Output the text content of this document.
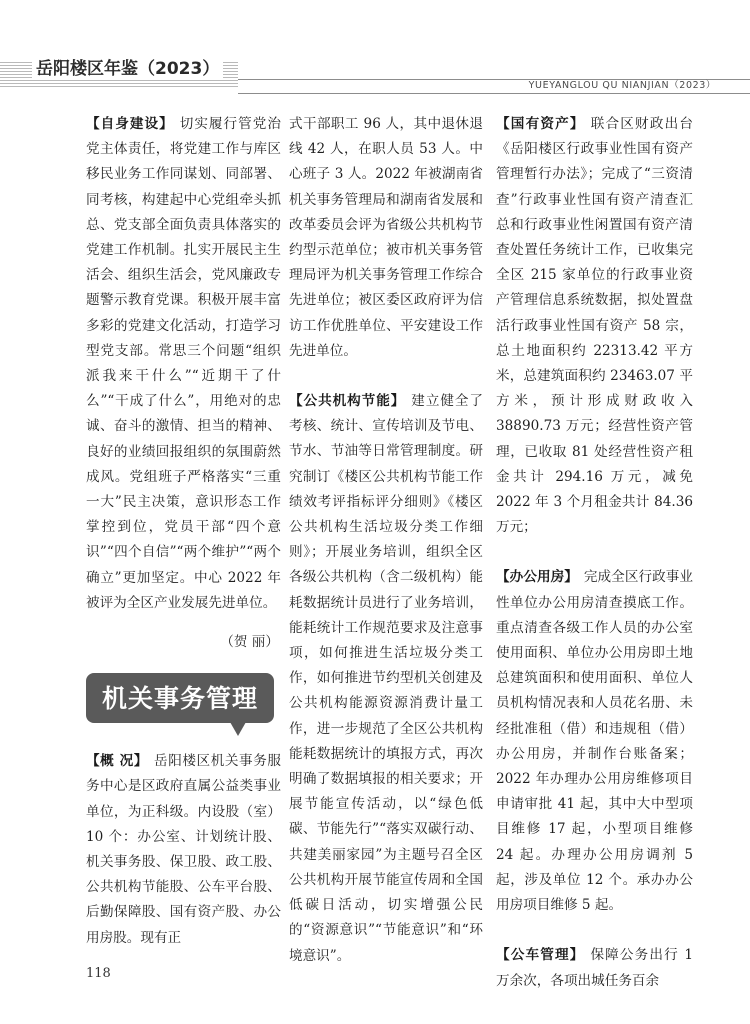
岳阳楼区年鉴（2023）
YUEYANGLOU QU NIANJIAN（2023）

【自身建设】 切实履行管党治党主体责任，将党建工作与库区移民业务工作同谋划、同部署、同考核，构建起中心党组牵头抓总、党支部全面负责具体落实的党建工作机制。扎实开展民主生活会、组织生活会，党风廉政专题警示教育党课。积极开展丰富多彩的党建文化活动，打造学习型党支部。常思三个问题“组织派我来干什么”“近期干了什么”“干成了什么”，用绝对的忠诚、奋斗的激情、担当的精神、良好的业绩回报组织的氛围蔚然成风。党组班子严格落实“三重一大”民主决策，意识形态工作掌控到位，党员干部“四个意识”“四个自信”“两个维护”“两个确立”更加坚定。中心 2022 年被评为全区产业发展先进单位。

（贺 丽）

机关事务管理

【概 况】 岳阳楼区机关事务服务中心是区政府直属公益类事业单位，为正科级。内设股（室）10 个：办公室、计划统计股、机关事务股、保卫股、政工股、公共机构节能股、公车平台股、后勤保障股、国有资产股、办公用房股。现有正

式干部职工 96 人，其中退休退线 42 人，在职人员 53 人。中心班子 3 人。2022 年被湖南省机关事务管理局和湖南省发展和改革委员会评为省级公共机构节约型示范单位；被市机关事务管理局评为机关事务管理工作综合先进单位；被区委区政府评为信访工作优胜单位、平安建设工作先进单位。

【公共机构节能】 建立健全了考核、统计、宣传培训及节电、节水、节油等日常管理制度。研究制订《楼区公共机构节能工作绩效考评指标评分细则》《楼区公共机构生活垃圾分类工作细则》；开展业务培训，组织全区各级公共机构（含二级机构）能耗数据统计员进行了业务培训，能耗统计工作规范要求及注意事项，如何推进生活垃圾分类工作，如何推进节约型机关创建及公共机构能源资源消费计量工作，进一步规范了全区公共机构能耗数据统计的填报方式，再次明确了数据填报的相关要求；开展节能宣传活动，以“绿色低碳、节能先行”“落实双碳行动、共建美丽家园”为主题号召全区公共机构开展节能宣传周和全国低碳日活动，切实增强公民的“资源意识”“节能意识”和“环境意识”。

【国有资产】 联合区财政出台《岳阳楼区行政事业性国有资产管理暂行办法》；完成了“三资清查”行政事业性国有资产清查汇总和行政事业性闲置国有资产清查处置任务统计工作，已收集完全区 215 家单位的行政事业资产管理信息系统数据，拟处置盘活行政事业性国有资产 58 宗，总土地面积约 22313.42 平方米，总建筑面积约 23463.07 平方米，预计形成财政收入 38890.73 万元；经营性资产管理，已收取 81 处经营性资产租金共计 294.16 万元，减免 2022 年 3 个月租金共计 84.36 万元；

【办公用房】 完成全区行政事业性单位办公用房清查摸底工作。重点清查各级工作人员的办公室使用面积、单位办公用房即土地总建筑面积和使用面积、单位人员机构情况表和人员花名册、未经批准租（借）和违规租（借）办公用房，并制作台账备案；2022 年办理办公用房维修项目申请审批 41 起，其中大中型项目维修 17 起，小型项目维修 24 起。办理办公用房调剂 5 起，涉及单位 12 个。承办办公用房项目维修 5 起。

【公车管理】 保障公务出行 1 万余次，各项出城任务百余

118
